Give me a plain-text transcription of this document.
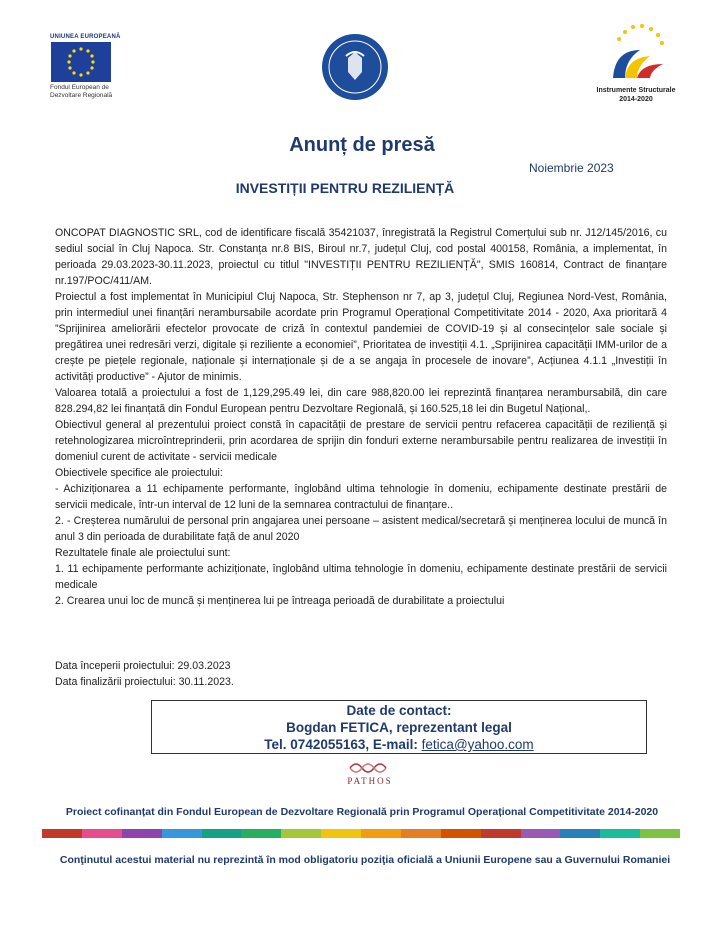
UNIUNEA EUROPEANĂ
Fondul European de Dezvoltare Regională
Instrumente Structurale 2014-2020
Anunț de presă
Noiembrie 2023
INVESTIȚII PENTRU REZILIENȚĂ

ONCOPAT DIAGNOSTIC SRL, cod de identificare fiscală 35421037, înregistrată la Registrul Comerțului sub nr. J12/145/2016, cu sediul social în Cluj Napoca. Str. Constanța nr.8 BIS, Biroul nr.7, județul Cluj, cod postal 400158, România, a implementat, în perioada 29.03.2023-30.11.2023, proiectul cu titlul "INVESTIȚII PENTRU REZILIENȚĂ", SMIS 160814, Contract de finanțare nr.197/POC/411/AM.

Proiectul a fost implementat în Municipiul Cluj Napoca, Str. Stephenson nr 7, ap 3, județul Cluj, Regiunea Nord-Vest, România, prin intermediul unei finanțări nerambursabile acordate prin Programul Operațional Competitivitate 2014 - 2020, Axa prioritară 4 ”Sprijinirea ameliorării efectelor provocate de criză în contextul pandemiei de COVID-19 și al consecințelor sale sociale și pregătirea unei redresări verzi, digitale și reziliente a economiei”, Prioritatea de investiții 4.1. „Sprijinirea capacității IMM-urilor de a crește pe piețele regionale, naționale și internaționale și de a se angaja în procesele de inovare”, Acțiunea 4.1.1 „Investiții în activități productive” - Ajutor de minimis.

Valoarea totală a proiectului a fost de 1,129,295.49 lei, din care 988,820.00 lei reprezintă finanțarea nerambursabilă, din care 828.294,82 lei finanțată din Fondul European pentru Dezvoltare Regională, și 160.525,18 lei din Bugetul Național,.

Obiectivul general al prezentului proiect constă în capacității de prestare de servicii pentru refacerea capacității de reziliență și retehnologizarea microîntreprinderii, prin acordarea de sprijin din fonduri externe nerambursabile pentru realizarea de investiții în domeniul curent de activitate - servicii medicale

Obiectivele specifice ale proiectului:

- Achiziționarea a 11 echipamente performante, înglobând ultima tehnologie în domeniu, echipamente destinate prestării de servicii medicale, într-un interval de 12 luni de la semnarea contractului de finanțare..

2. - Creșterea numărului de personal prin angajarea unei persoane – asistent medical/secretară și menținerea locului de muncă în anul 3 din perioada de durabilitate față de anul 2020

Rezultatele finale ale proiectului sunt:

1. 11 echipamente performante achiziționate, înglobând ultima tehnologie în domeniu, echipamente destinate prestării de servicii medicale

2. Crearea unui loc de muncă și menținerea lui pe întreaga perioadă de durabilitate a proiectului

Data începerii proiectului: 29.03.2023

Data finalizării proiectului: 30.11.2023.

Date de contact:
Bogdan FETICA, reprezentant legal
Tel. 0742055163, E-mail: fetica@yahoo.com
PATHOS
Proiect cofinanțat din Fondul European de Dezvoltare Regională prin Programul Operațional Competitivitate 2014-2020
Conţinutul acestui material nu reprezintă în mod obligatoriu poziţia oficială a Uniunii Europene sau a Guvernului Romaniei
